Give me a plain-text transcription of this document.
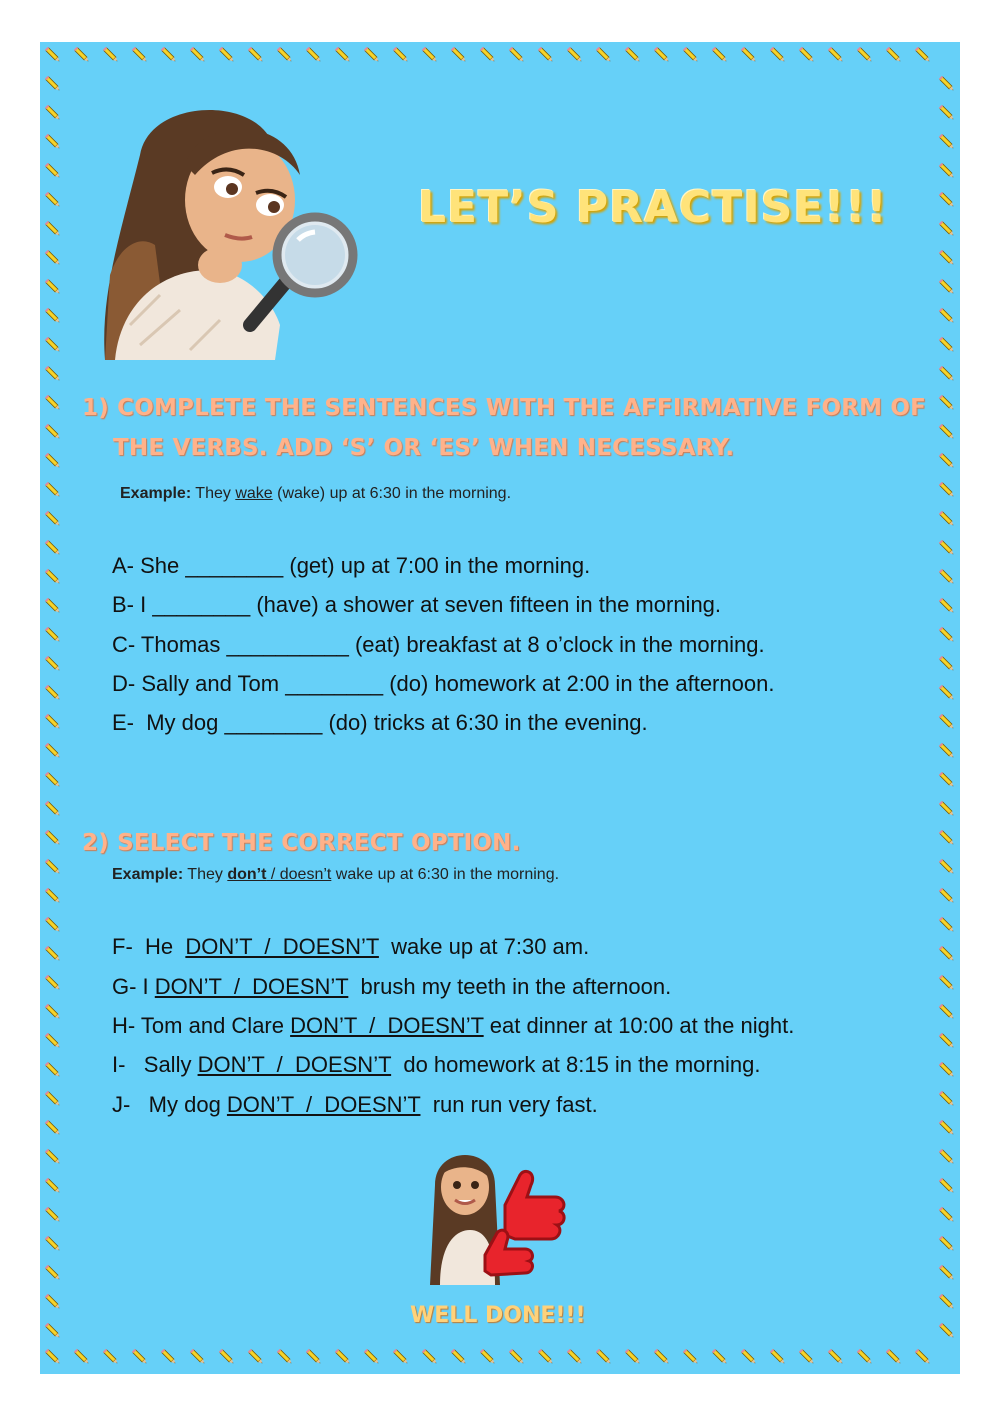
LET’S PRACTISE!!!
1) COMPLETE THE SENTENCES WITH THE AFFIRMATIVE FORM OF
THE VERBS. ADD ‘S’ OR ‘ES’ WHEN NECESSARY.
Example: They wake (wake) up at 6:30 in the morning.
A- She ________ (get) up at 7:00 in the morning.
B- I ________ (have) a shower at seven fifteen in the morning.
C- Thomas __________ (eat) breakfast at 8 o’clock in the morning.
D- Sally and Tom ________ (do) homework at 2:00 in the afternoon.
E-  My dog ________ (do) tricks at 6:30 in the evening.
2) SELECT THE CORRECT OPTION.
Example: They don’t / doesn’t wake up at 6:30 in the morning.
F-  He  DON’T  /  DOESN’T  wake up at 7:30 am.
G- I DON’T  /  DOESN’T  brush my teeth in the afternoon.
H- Tom and Clare DON’T  /  DOESN’T eat dinner at 10:00 at the night.
I-   Sally DON’T  /  DOESN’T  do homework at 8:15 in the morning.
J-   My dog DON’T  /  DOESN’T  run run very fast.
WELL DONE!!!
